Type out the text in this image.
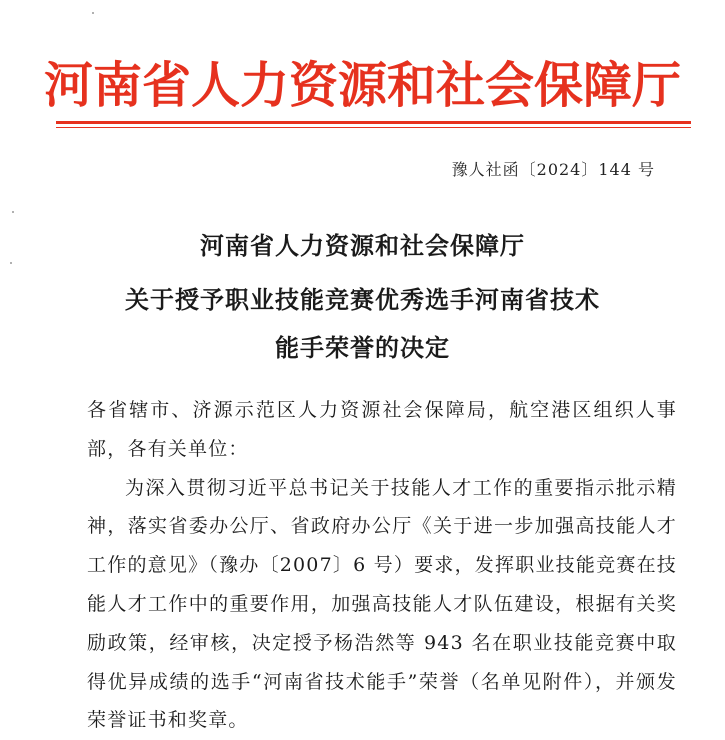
河南省人力资源和社会保障厅
豫人社函〔2024〕144 号
河南省人力资源和社会保障厅
关于授予职业技能竞赛优秀选手河南省技术
能手荣誉的决定

各省辖市、济源示范区人力资源社会保障局，航空港区组织人事部，各有关单位：

为深入贯彻习近平总书记关于技能人才工作的重要指示批示精神，落实省委办公厅、省政府办公厅《关于进一步加强高技能人才工作的意见》（豫办〔2007〕6 号）要求，发挥职业技能竞赛在技能人才工作中的重要作用，加强高技能人才队伍建设，根据有关奖励政策，经审核，决定授予杨浩然等 943 名在职业技能竞赛中取得优异成绩的选手“河南省技术能手”荣誉（名单见附件），并颁发荣誉证书和奖章。
